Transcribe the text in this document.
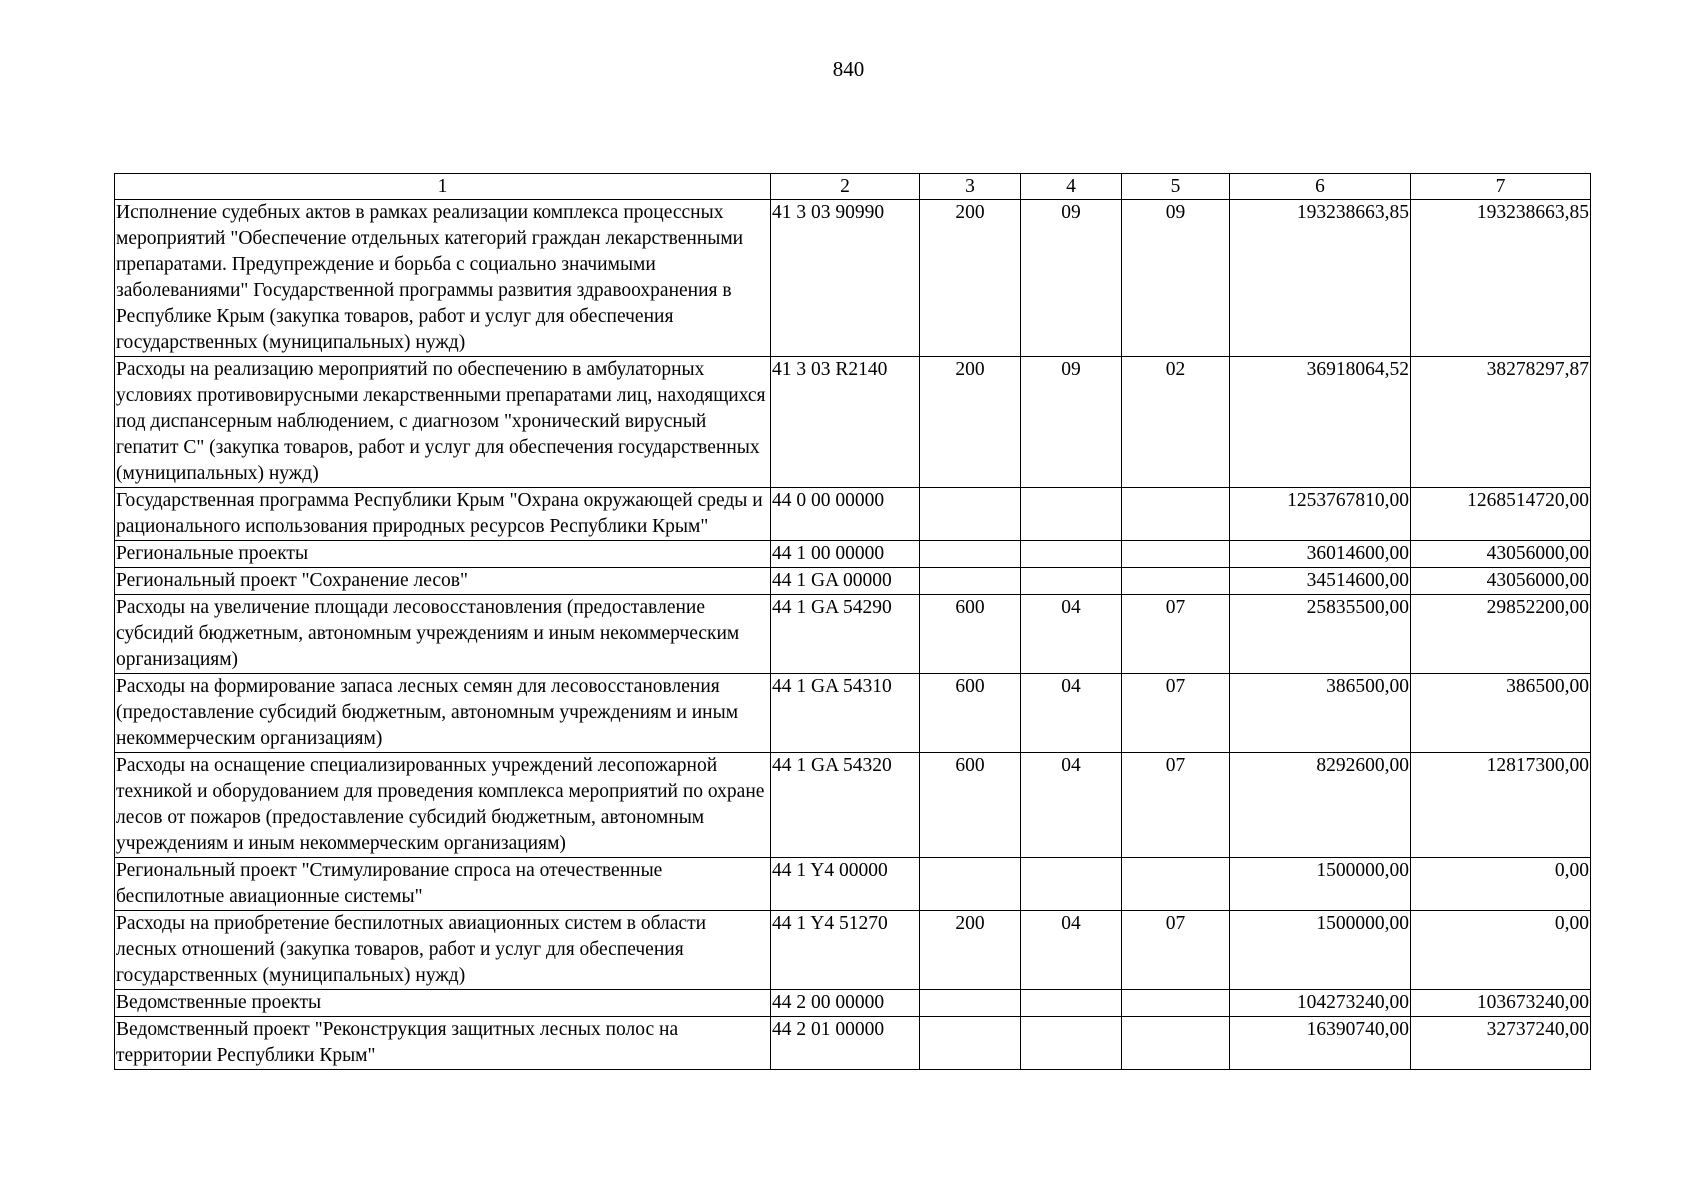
840
1	2	3	4	5	6	7
Исполнение судебных актов в рамках реализации комплекса процессных мероприятий "Обеспечение отдельных категорий граждан лекарственными препаратами. Предупреждение и борьба с социально значимыми заболеваниями" Государственной программы развития здравоохранения в Республике Крым (закупка товаров, работ и услуг для обеспечения государственных (муниципальных) нужд)	41 3 03 90990	200	09	09	193238663,85	193238663,85
Расходы на реализацию мероприятий по обеспечению в амбулаторных условиях противовирусными лекарственными препаратами лиц, находящихся под диспансерным наблюдением, с диагнозом "хронический вирусный гепатит С" (закупка товаров, работ и услуг для обеспечения государственных (муниципальных) нужд)	41 3 03 R2140	200	09	02	36918064,52	38278297,87
Государственная программа Республики Крым "Охрана окружающей среды и рационального использования природных ресурсов Республики Крым"	44 0 00 00000				1253767810,00	1268514720,00
Региональные проекты	44 1 00 00000				36014600,00	43056000,00
Региональный проект "Сохранение лесов"	44 1 GA 00000				34514600,00	43056000,00
Расходы на увеличение площади лесовосстановления (предоставление субсидий бюджетным, автономным учреждениям и иным некоммерческим организациям)	44 1 GA 54290	600	04	07	25835500,00	29852200,00
Расходы на формирование запаса лесных семян для лесовосстановления (предоставление субсидий бюджетным, автономным учреждениям и иным некоммерческим организациям)	44 1 GA 54310	600	04	07	386500,00	386500,00
Расходы на оснащение специализированных учреждений лесопожарной техникой и оборудованием для проведения комплекса мероприятий по охране лесов от пожаров (предоставление субсидий бюджетным, автономным учреждениям и иным некоммерческим организациям)	44 1 GA 54320	600	04	07	8292600,00	12817300,00
Региональный проект "Стимулирование спроса на отечественные беспилотные авиационные системы"	44 1 Y4 00000				1500000,00	0,00
Расходы на приобретение беспилотных авиационных систем в области лесных отношений (закупка товаров, работ и услуг для обеспечения государственных (муниципальных) нужд)	44 1 Y4 51270	200	04	07	1500000,00	0,00
Ведомственные проекты	44 2 00 00000				104273240,00	103673240,00
Ведомственный проект "Реконструкция защитных лесных полос на территории Республики Крым"	44 2 01 00000				16390740,00	32737240,00
